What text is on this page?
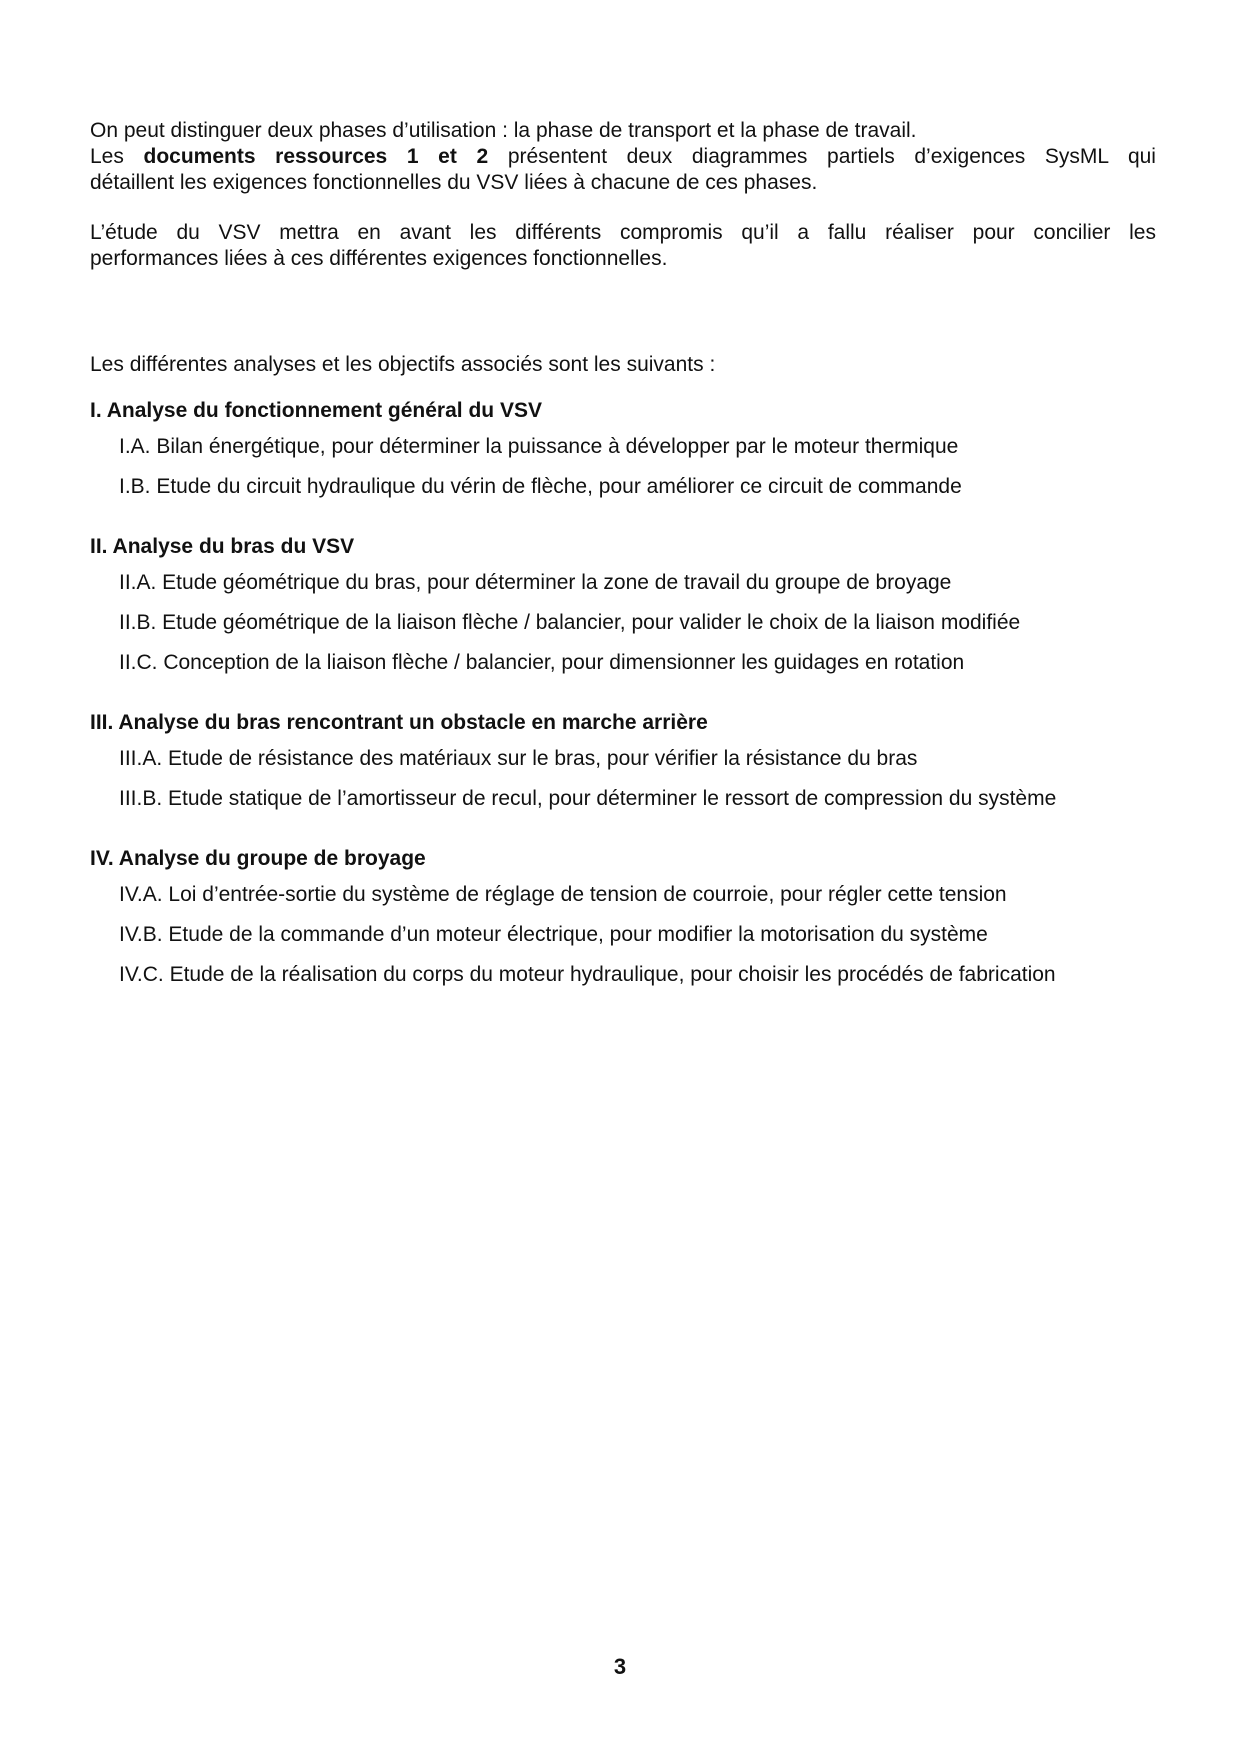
On peut distinguer deux phases d’utilisation : la phase de transport et la phase de travail.

Les documents ressources 1 et 2 présentent deux diagrammes partiels d’exigences SysML qui

détaillent les exigences fonctionnelles du VSV liées à chacune de ces phases.

L’étude du VSV mettra en avant les différents compromis qu’il a fallu réaliser pour concilier les

performances liées à ces différentes exigences fonctionnelles.

Les différentes analyses et les objectifs associés sont les suivants :

I. Analyse du fonctionnement général du VSV
I.A. Bilan énergétique, pour déterminer la puissance à développer par le moteur thermique
I.B. Etude du circuit hydraulique du vérin de flèche, pour améliorer ce circuit de commande
II. Analyse du bras du VSV
II.A. Etude géométrique du bras, pour déterminer la zone de travail du groupe de broyage
II.B. Etude géométrique de la liaison flèche / balancier, pour valider le choix de la liaison modifiée
II.C. Conception de la liaison flèche / balancier, pour dimensionner les guidages en rotation
III. Analyse du bras rencontrant un obstacle en marche arrière
III.A. Etude de résistance des matériaux sur le bras, pour vérifier la résistance du bras
III.B. Etude statique de l’amortisseur de recul, pour déterminer le ressort de compression du système
IV. Analyse du groupe de broyage
IV.A. Loi d’entrée-sortie du système de réglage de tension de courroie, pour régler cette tension
IV.B. Etude de la commande d’un moteur électrique, pour modifier la motorisation du système
IV.C. Etude de la réalisation du corps du moteur hydraulique, pour choisir les procédés de fabrication
3
